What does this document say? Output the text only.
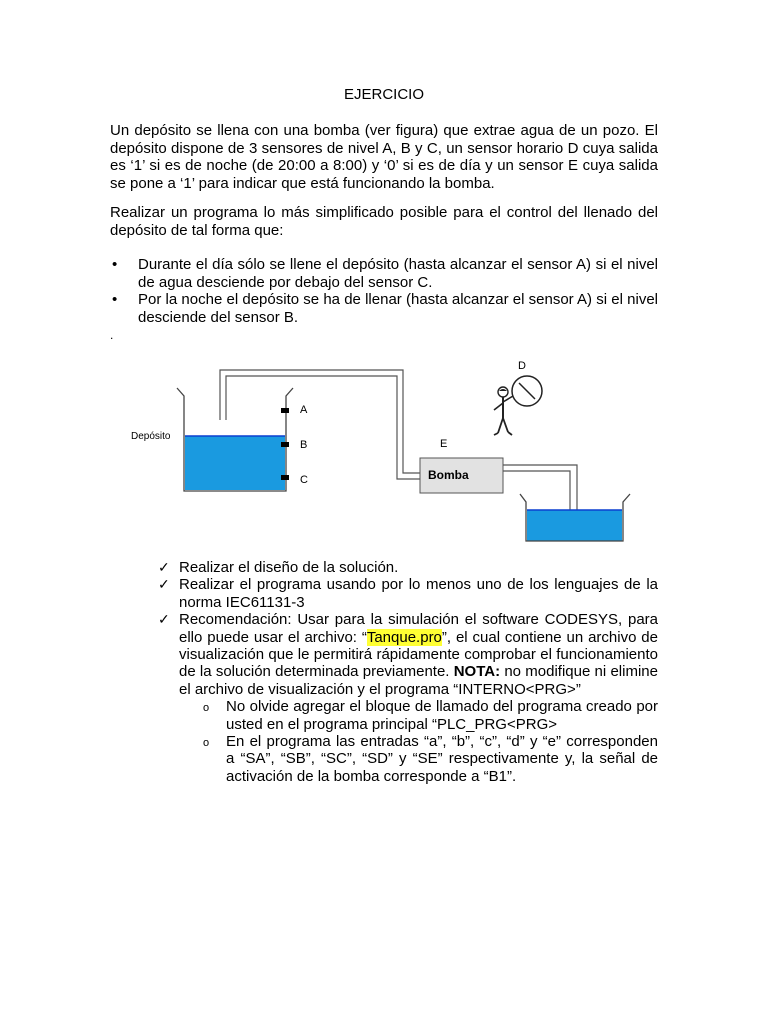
EJERCICIO
Un depósito se llena con una bomba (ver figura) que extrae agua de un pozo. El depósito dispone de 3 sensores de nivel A, B y C, un sensor horario D cuya salida es ‘1’ si es de noche (de 20:00 a 8:00) y ‘0’ si es de día y un sensor E cuya salida se pone a ‘1’ para indicar que está funcionando la bomba.
Realizar un programa lo más simplificado posible para el control del llenado del depósito de tal forma que:
• Durante el día sólo se llene el depósito (hasta alcanzar el sensor A) si el nivel de agua desciende por debajo del sensor C.
• Por la noche el depósito se ha de llenar (hasta alcanzar el sensor A) si el nivel desciende del sensor B.
.
A
B
C
Depósito
Bomba
E
D
✓ Realizar el diseño de la solución.
✓ Realizar el programa usando por lo menos uno de los lenguajes de la norma IEC61131-3
✓ Recomendación: Usar para la simulación el software CODESYS, para ello puede usar el archivo: “Tanque.pro”, el cual contiene un archivo de visualización que le permitirá rápidamente comprobar el funcionamiento de la solución determinada previamente. NOTA: no modifique ni elimine el archivo de visualización y el programa “INTERNO<PRG>”
o No olvide agregar el bloque de llamado del programa creado por usted en el programa principal “PLC_PRG<PRG>
o En el programa las entradas “a”, “b”, “c”, “d” y “e” corresponden a “SA”, “SB”, “SC”, “SD” y “SE” respectivamente y, la señal de activación de la bomba corresponde a “B1”.
